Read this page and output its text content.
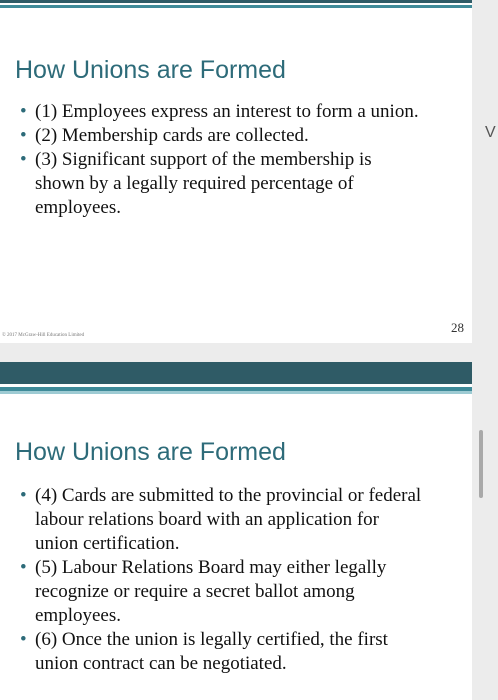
How Unions are Formed
• (1) Employees express an interest to form a union.
• (2) Membership cards are collected.
• (3) Significant support of the membership is shown by a legally required percentage of employees.
© 2017 McGraw-Hill Education Limited
28
How Unions are Formed
• (4) Cards are submitted to the provincial or federal labour relations board with an application for union certification.
• (5) Labour Relations Board may either legally recognize or require a secret ballot among employees.
• (6) Once the union is legally certified, the first union contract can be negotiated.
V
